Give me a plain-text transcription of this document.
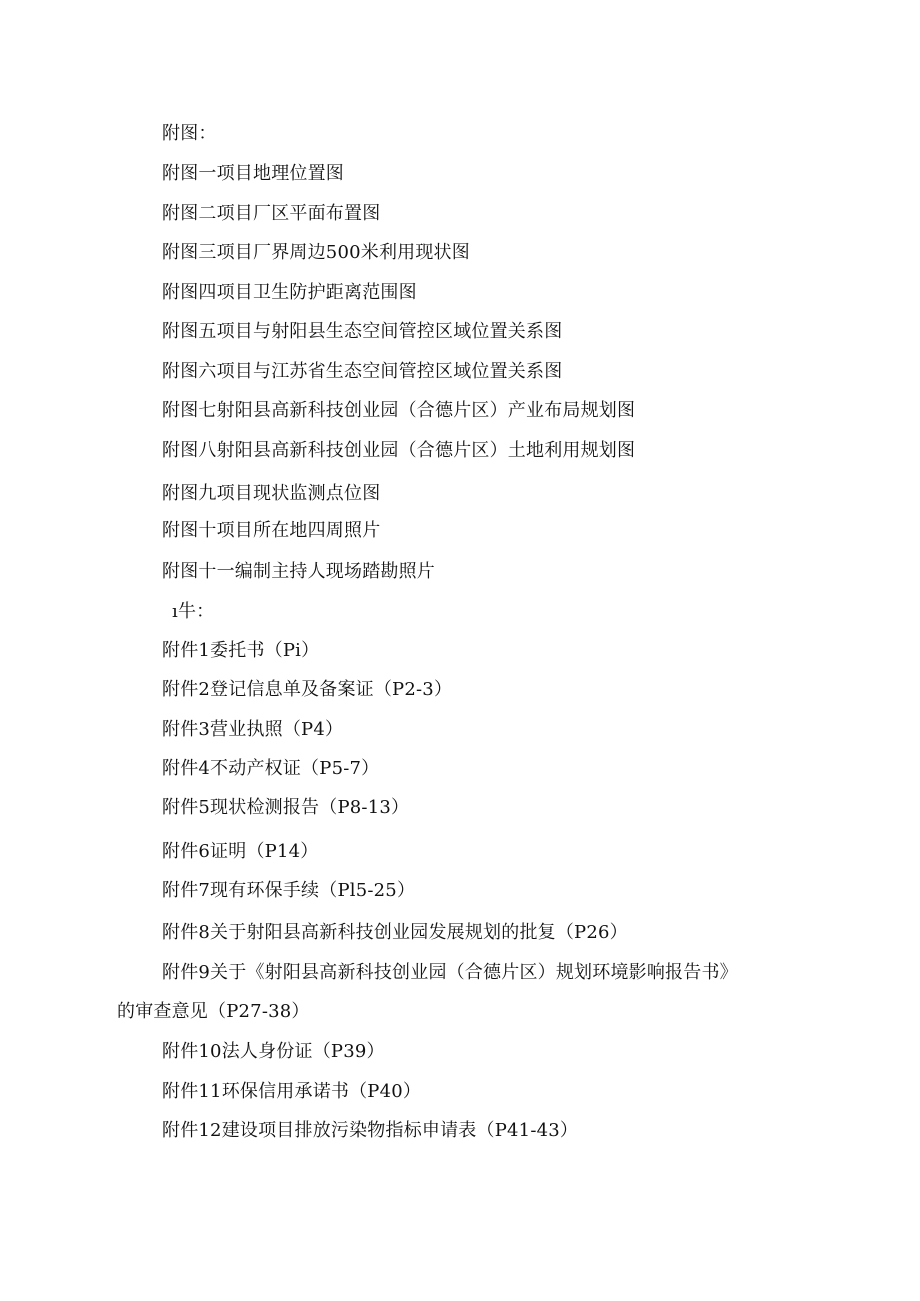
附图：
附图一项目地理位置图
附图二项目厂区平面布置图
附图三项目厂界周边500米利用现状图
附图四项目卫生防护距离范围图
附图五项目与射阳县生态空间管控区域位置关系图
附图六项目与江苏省生态空间管控区域位置关系图
附图七射阳县高新科技创业园（合德片区）产业布局规划图
附图八射阳县高新科技创业园（合德片区）土地利用规划图
附图九项目现状监测点位图
附图十项目所在地四周照片
附图十一编制主持人现场踏勘照片
ı牛：
附件1委托书（Pi）
附件2登记信息单及备案证（P2-3）
附件3营业执照（P4）
附件4不动产权证（P5-7）
附件5现状检测报告（P8-13）
附件6证明（P14）
附件7现有环保手续（Pl5-25）
附件8关于射阳县高新科技创业园发展规划的批复（P26）
附件9关于《射阳县高新科技创业园（合德片区）规划环境影响报告书》
的审查意见（P27-38）
附件10法人身份证（P39）
附件11环保信用承诺书（P40）
附件12建设项目排放污染物指标申请表（P41-43）
